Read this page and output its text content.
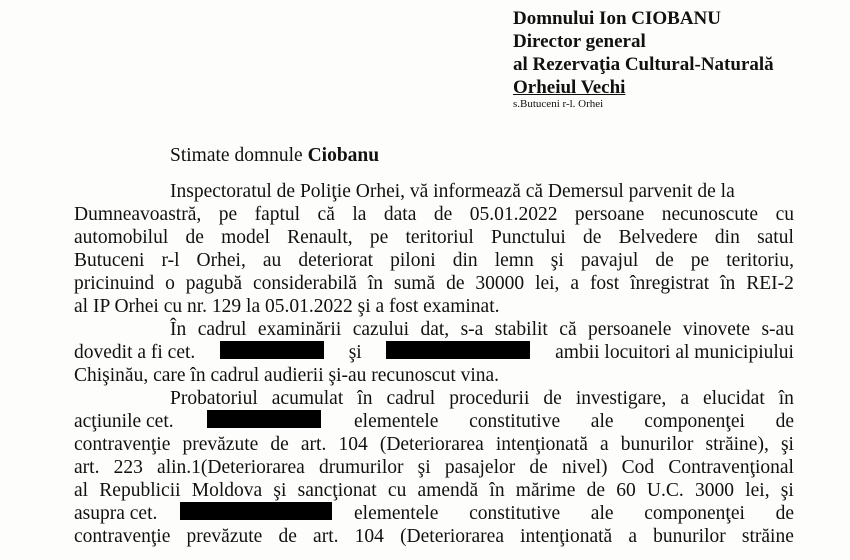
Domnului Ion CIOBANU
Director general
al Rezervaţia Cultural-Naturală
Orheiul Vechi
s.Butuceni r-l. Orhei
Stimate domnule Ciobanu
Inspectoratul de Poliţie Orhei, vă informează că Demersul parvenit de la
Dumneavoastră, pe faptul că la data de 05.01.2022 persoane necunoscute cu
automobilul de model Renault, pe teritoriul Punctului de Belvedere din satul
Butuceni r-l Orhei, au deteriorat piloni din lemn şi pavajul de pe teritoriu,
pricinuind o pagubă considerabilă în sumă de 30000 lei, a fost înregistrat în REI-2
al IP Orhei cu nr. 129 la 05.01.2022 şi a fost examinat.
În cadrul examinării cazului dat, s-a stabilit că persoanele vinovete s-au
dovedit a fi cet.	şi	ambii locuitori al municipiului
Chişinău, care în cadrul audierii şi-au recunoscut vina.
Probatoriul acumulat în cadrul procedurii de investigare, a elucidat în
acţiunile cet.	elementele constitutive ale componenţei de
contravenţie prevăzute de art. 104 (Deteriorarea intenţionată a bunurilor străine), şi
art. 223 alin.1(Deteriorarea drumurilor şi pasajelor de nivel) Cod Contravenţional
al Republicii Moldova şi sancţionat cu amendă în mărime de 60 U.C. 3000 lei, şi
asupra cet.	elementele constitutive ale componenţei de
contravenţie prevăzute de art. 104 (Deteriorarea intenţionată a bunurilor străine
